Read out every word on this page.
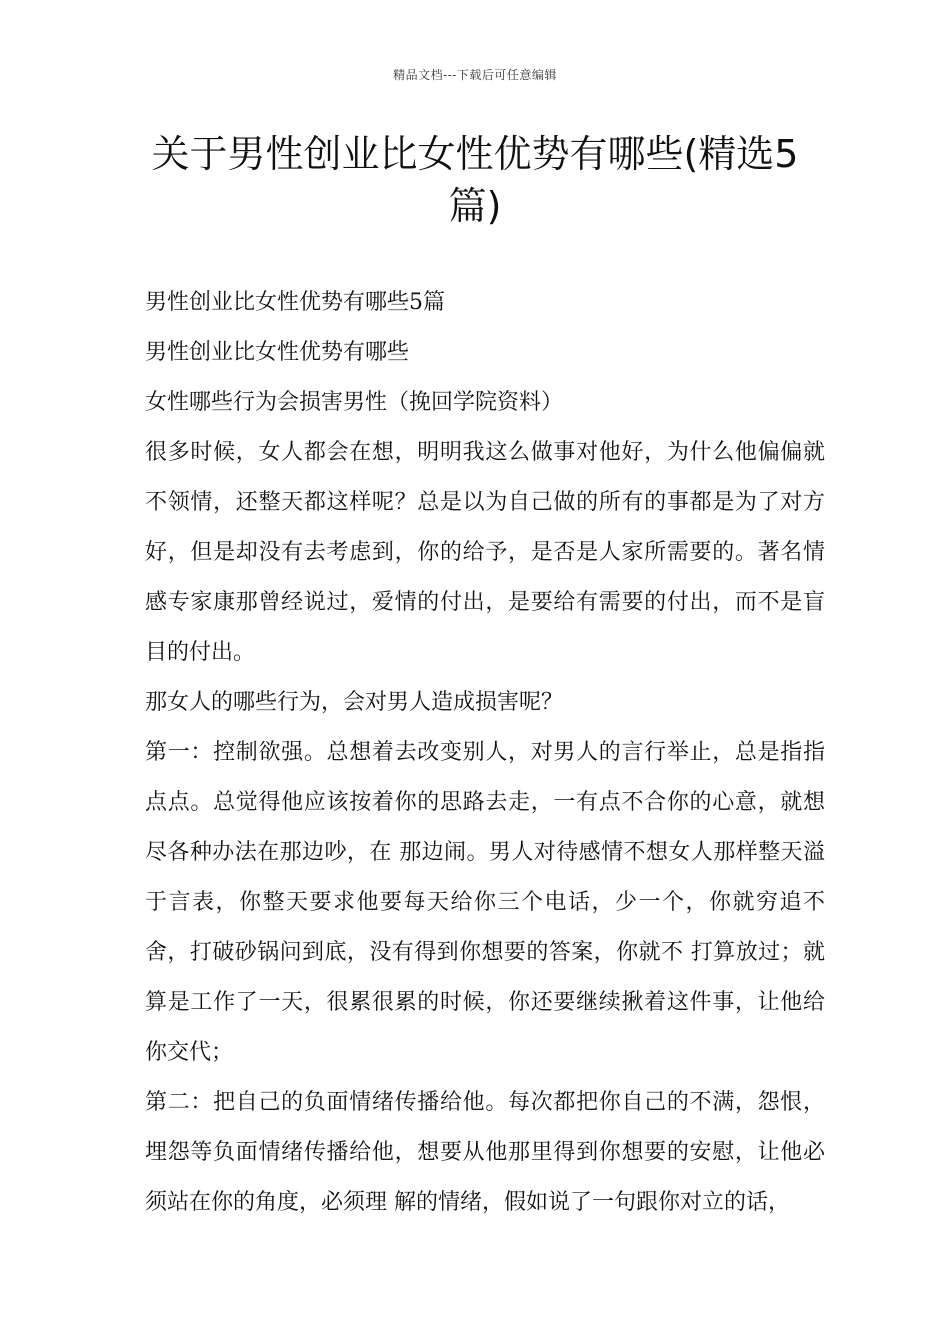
精品文档---下载后可任意编辑
关于男性创业比女性优势有哪些(精选5篇)

男性创业比女性优势有哪些5篇

男性创业比女性优势有哪些

女性哪些行为会损害男性（挽回学院资料）

很多时候，女人都会在想，明明我这么做事对他好，为什么他偏偏就不领情，还整天都这样呢？总是以为自己做的所有的事都是为了对方好，但是却没有去考虑到，你的给予，是否是人家所需要的。著名情感专家康那曾经说过，爱情的付出，是要给有需要的付出，而不是盲目的付出。

那女人的哪些行为，会对男人造成损害呢？

第一：控制欲强。总想着去改变别人，对男人的言行举止，总是指指点点。总觉得他应该按着你的思路去走，一有点不合你的心意，就想尽各种办法在那边吵，在 那边闹。男人对待感情不想女人那样整天溢于言表，你整天要求他要每天给你三个电话，少一个，你就穷追不舍，打破砂锅问到底，没有得到你想要的答案，你就不 打算放过；就算是工作了一天，很累很累的时候，你还要继续揪着这件事，让他给你交代；

第二：把自己的负面情绪传播给他。每次都把你自己的不满，怨恨，埋怨等负面情绪传播给他，想要从他那里得到你想要的安慰，让他必须站在你的角度，必须理 解的情绪，假如说了一句跟你对立的话，
